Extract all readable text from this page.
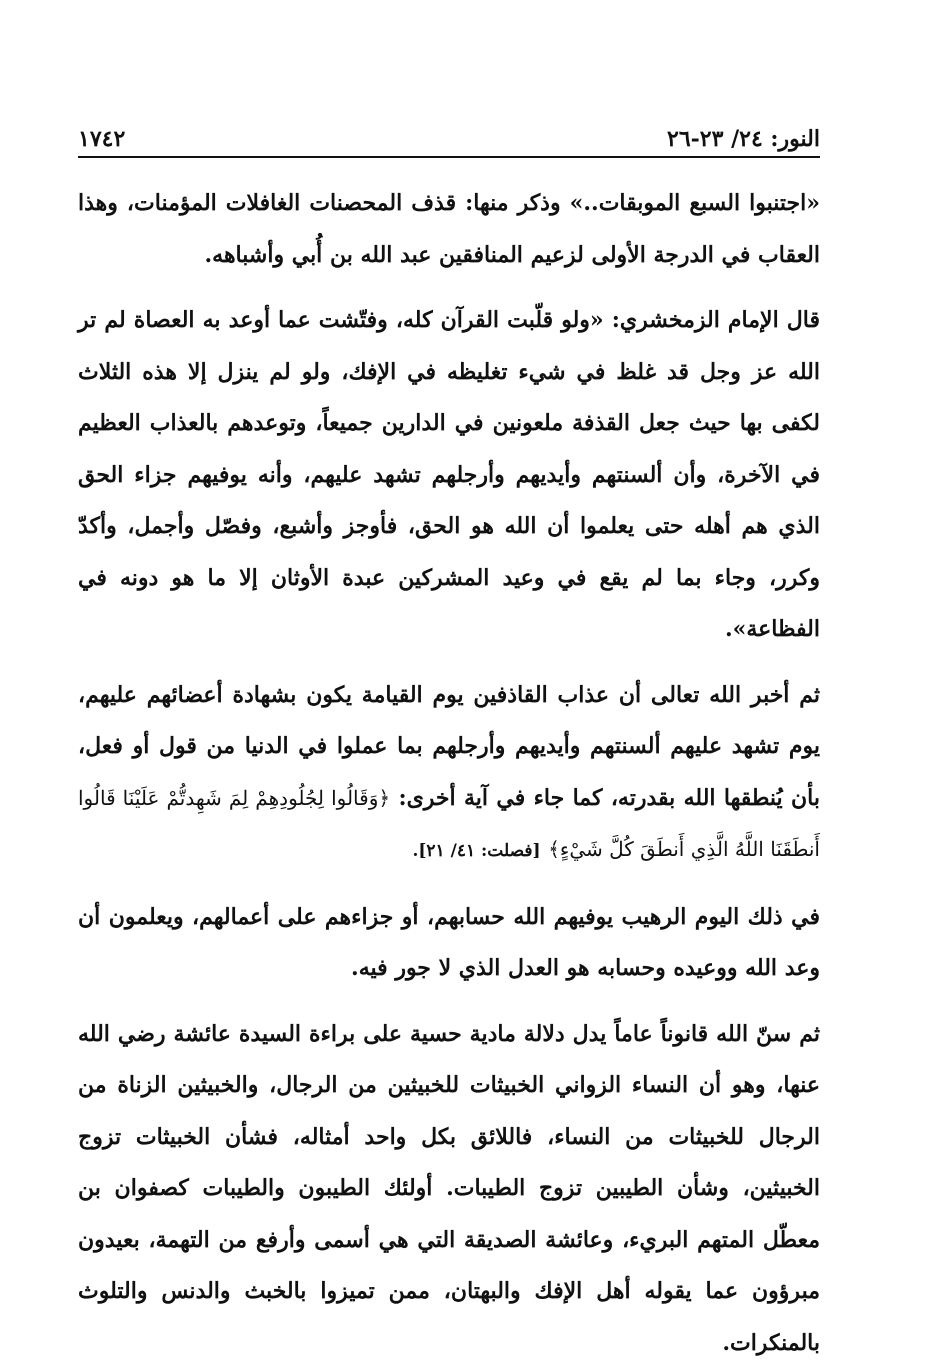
النور: ٢٤/ ٢٣-٢٦
١٧٤٢

«اجتنبوا السبع الموبقات..» وذكر منها: قذف المحصنات الغافلات المؤمنات، وهذا العقاب في الدرجة الأولى لزعيم المنافقين عبد الله بن أُبي وأشباهه.

قال الإمام الزمخشري: «ولو قلّبت القرآن كله، وفتّشت عما أوعد به العصاة لم تر الله عز وجل قد غلظ في شيء تغليظه في الإفك، ولو لم ينزل إلا هذه الثلاث لكفى بها حيث جعل القذفة ملعونين في الدارين جميعاً، وتوعدهم بالعذاب العظيم في الآخرة، وأن ألسنتهم وأيديهم وأرجلهم تشهد عليهم، وأنه يوفيهم جزاء الحق الذي هم أهله حتى يعلموا أن الله هو الحق، فأوجز وأشبع، وفصّل وأجمل، وأكدّ وكرر، وجاء بما لم يقع في وعيد المشركين عبدة الأوثان إلا ما هو دونه في الفظاعة».

ثم أخبر الله تعالى أن عذاب القاذفين يوم القيامة يكون بشهادة أعضائهم عليهم، يوم تشهد عليهم ألسنتهم وأيديهم وأرجلهم بما عملوا في الدنيا من قول أو فعل، بأن يُنطقها الله بقدرته، كما جاء في آية أخرى: ﴿وَقَالُوا لِجُلُودِهِمْ لِمَ شَهِدتُّمْ عَلَيْنَا قَالُوا أَنطَقَنَا اللَّهُ الَّذِي أَنطَقَ كُلَّ شَيْءٍ﴾ [فصلت: ٤١/ ٢١].

في ذلك اليوم الرهيب يوفيهم الله حسابهم، أو جزاءهم على أعمالهم، ويعلمون أن وعد الله ووعيده وحسابه هو العدل الذي لا جور فيه.

ثم سنّ الله قانوناً عاماً يدل دلالة مادية حسية على براءة السيدة عائشة رضي الله عنها، وهو أن النساء الزواني الخبيثات للخبيثين من الرجال، والخبيثين الزناة من الرجال للخبيثات من النساء، فاللائق بكل واحد أمثاله، فشأن الخبيثات تزوج الخبيثين، وشأن الطيبين تزوج الطيبات. أولئك الطيبون والطيبات كصفوان بن معطّل المتهم البريء، وعائشة الصديقة التي هي أسمى وأرفع من التهمة، بعيدون مبرؤون عما يقوله أهل الإفك والبهتان، ممن تميزوا بالخبث والدنس والتلوث بالمنكرات.
